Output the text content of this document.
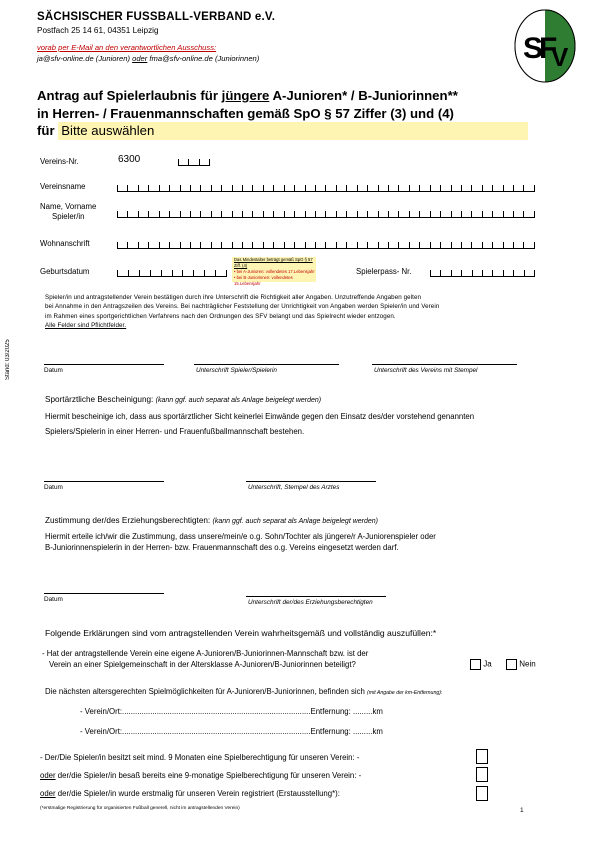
SÄCHSISCHER FUSSBALL-VERBAND e.V.
Postfach 25 14 61, 04351 Leipzig
vorab per E-Mail an den verantwortlichen Ausschuss:
ja@sfv-online.de (Junioren) oder fma@sfv-online.de (Juniorinnen)	S
F
V
Antrag auf Spielerlaubnis für jüngere A-Junioren* / B-Juniorinnen**
in Herren- / Frauenmannschaften gemäß SpO § 57 Ziffer (3) und (4)
für Bitte auswählen
Vereins-Nr.	6300
Vereinsname
Name, Vorname
Spieler/in
Wohnanschrift
Geburtsdatum
Das Mindestalter beträgt gemäß SpO § 57 Ziff. (4)
• bei A-Junioren: vollendetes 17.Lebensjahr
• bei B-Juniorinnen: vollendetes 15.Lebensjahr
Spielerpass- Nr.
Spieler/in und antragstellender Verein bestätigen durch ihre Unterschrift die Richtigkeit aller Angaben. Unzutreffende Angaben gelten
bei Annahme in den Antragszeilen des Vereins. Bei nachträglicher Feststellung der Unrichtigkeit von Angaben werden Spieler/in und Verein
im Rahmen eines sportgerichtlichen Verfahrens nach den Ordnungen des SFV belangt und das Spielrecht wieder entzogen.
Alle Felder sind Pflichtfelder.
Stand: 03/2025	Datum	Unterschrift Spieler/Spielerin	Unterschrift des Vereins mit Stempel
Sportärztliche Bescheinigung: (kann ggf. auch separat als Anlage beigelegt werden)
Hiermit bescheinige ich, dass aus sportärztlicher Sicht keinerlei Einwände gegen den Einsatz des/der vorstehend genannten
Spielers/Spielerin in einer Herren- und Frauenfußballmannschaft bestehen.
Datum	Unterschrift, Stempel des Arztes
Zustimmung der/des Erziehungsberechtigten: (kann ggf. auch separat als Anlage beigelegt werden)
Hiermit erteile ich/wir die Zustimmung, dass unsere/mein/e o.g. Sohn/Tochter als jüngere/r A-Juniorenspieler oder
B-Juniorinnenspielerin in der Herren- bzw. Frauenmannschaft des o.g. Vereins eingesetzt werden darf.
Datum	Unterschrift der/des Erziehungsberechtigten
Folgende Erklärungen sind vom antragstellenden Verein wahrheitsgemäß und vollständig auszufüllen:*
- Hat der antragstellende Verein eine eigene A-Junioren/B-Juniorinnen-Mannschaft bzw. ist der
Verein an einer Spielgemeinschaft in der Altersklasse A-Junioren/B-Juniorinnen beteiligt?	Ja	Nein
Die nächsten altersgerechten Spielmöglichkeiten für A-Junioren/B-Juniorinnen, befinden sich (mit Angabe der km-Entfernung):
- Verein/Ort:.......................................................................................Entfernung: .........km
- Verein/Ort:.......................................................................................Entfernung: .........km
- Der/Die Spieler/in besitzt seit mind. 9 Monaten eine Spielberechtigung für unseren Verein: -
oder der/die Spieler/in besaß bereits eine 9-monatige Spielberechtigung für unseren Verein: -
oder der/die Spieler/in wurde erstmalig für unseren Verein registriert (Erstausstellung*):
(*erstmalige Registrierung für organisierten Fußball generell, nicht im antragstellenden Verein)	1
